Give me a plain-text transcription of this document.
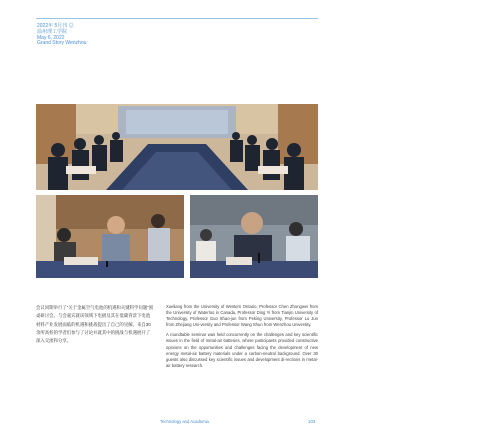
2022年 5月刊 总
温州理工学院
May 6, 2022
Grand Story Wenzhou

会议同期举行了“关于金属空气电池的机遇和关键科学问题”圆桌研讨会。与会嘉宾就该领域下电极及其在低碳背景下电池材料产业发展面临的机遇和挑战提出了自己的见解。来自30余所高校的学者们参与了讨论并就其中的挑战与机遇展开了深入交流和分享。

Xueliang from the University of Western Ontario, Professor Chen Zhongwei from the University of Waterloo in Canada, Professor Ding Yi from Tianjin University of Technology, Professor Guo Shao-jun from Peking University, Professor Lu Jun from Zhejiang Uni-versity and Professor Wang Shun from Wenzhou University.

A roundtable seminar was held concurrently on the challenges and key scientific issues in the field of metal-air batteries, where participants provided constructive opinions on the opportunities and challenges facing the development of new energy metal-air battery materials under a carbon-neutral background. Over 30 guests also discussed key scientific issues and development di-rections in metal-air battery research.

Technology and Academia	103
